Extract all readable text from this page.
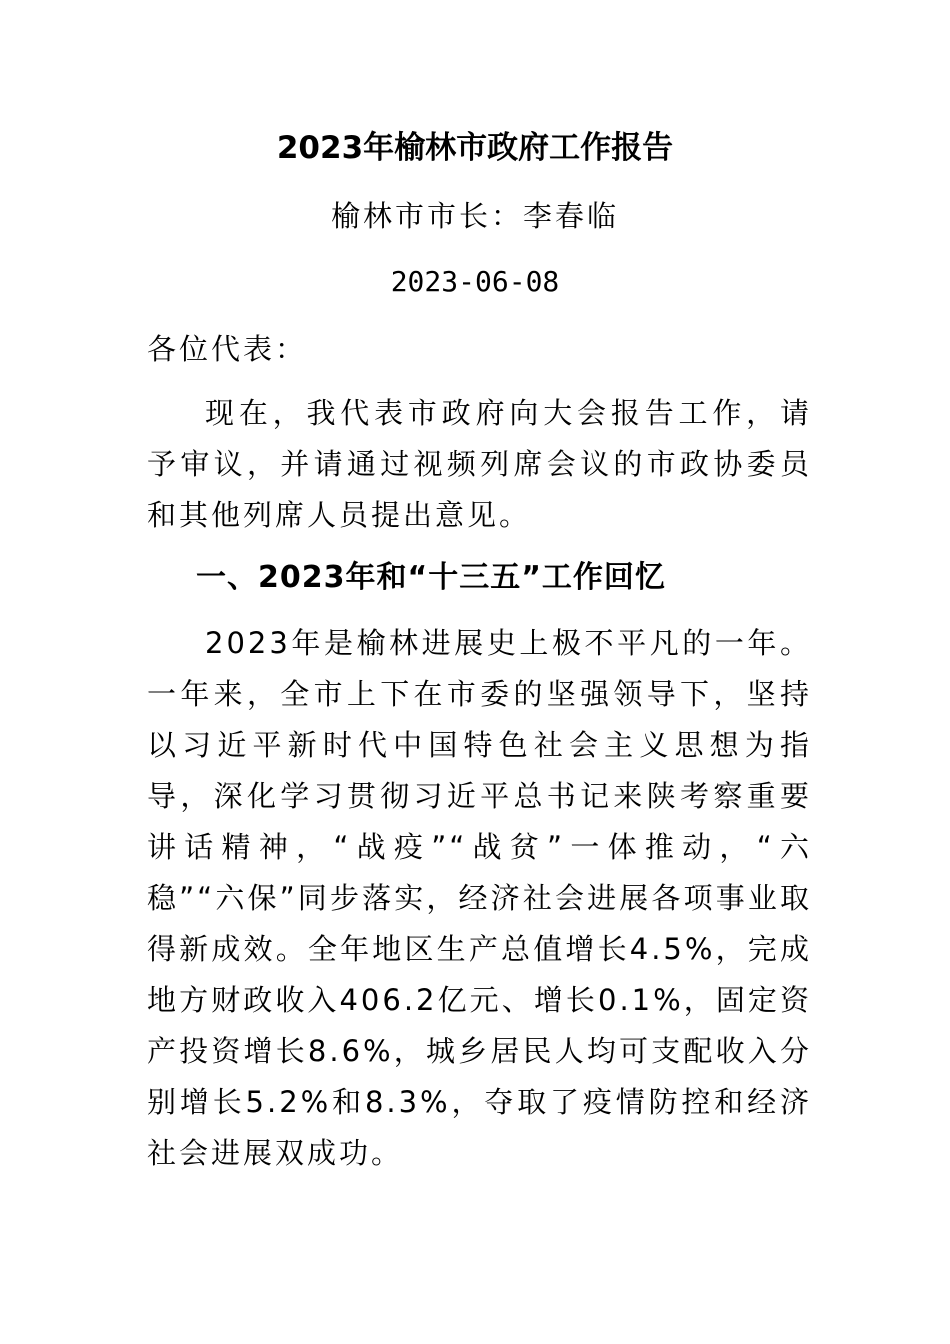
2023年榆林市政府工作报告
榆林市市长：李春临
2023-06-08
各位代表：

现在，我代表市政府向大会报告工作，请予审议，并请通过视频列席会议的市政协委员和其他列席人员提出意见。

一、2023年和“十三五”工作回忆

2023年是榆林进展史上极不平凡的一年。一年来，全市上下在市委的坚强领导下，坚持以习近平新时代中国特色社会主义思想为指导，深化学习贯彻习近平总书记来陕考察重要讲话精神，“战疫”“战贫”一体推动，“六稳”“六保”同步落实，经济社会进展各项事业取得新成效。全年地区生产总值增长4.5%，完成地方财政收入406.2亿元、增长0.1%，固定资产投资增长8.6%，城乡居民人均可支配收入分别增长5.2%和8.3%，夺取了疫情防控和经济社会进展双成功。
